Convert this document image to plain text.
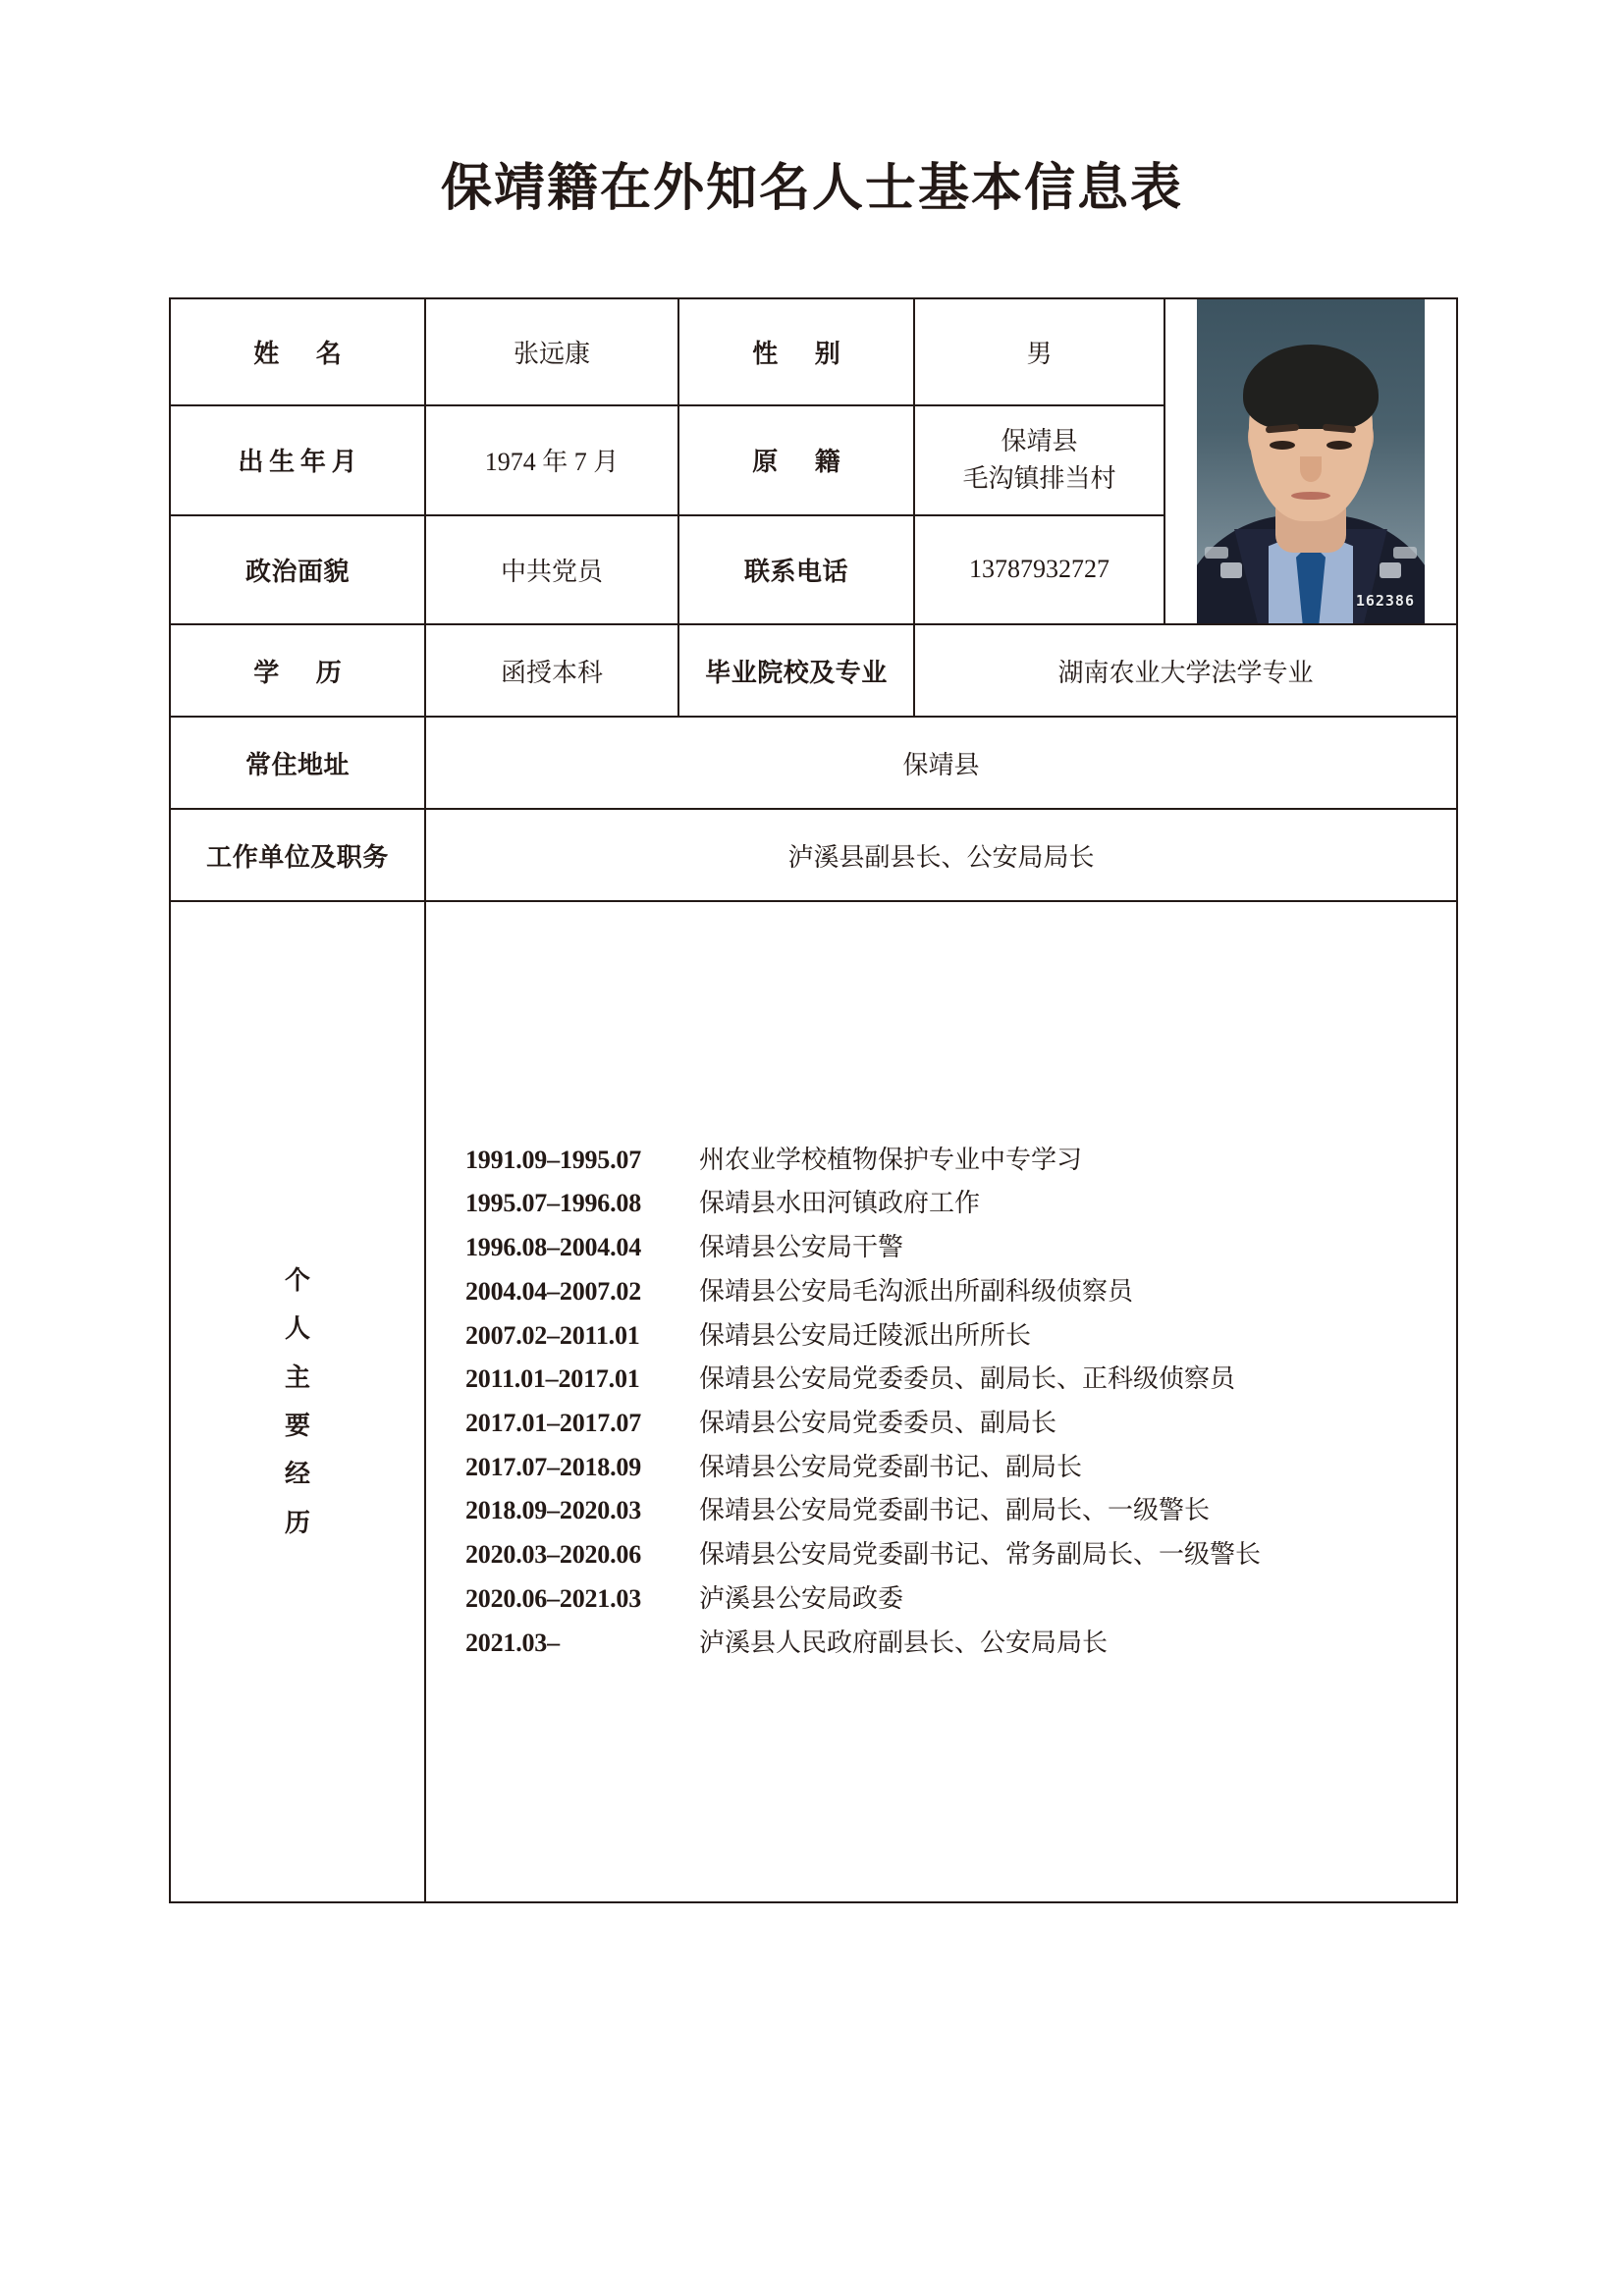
保靖籍在外知名人士基本信息表
姓　名	张远康	性　别	男	162386

出生年月	1974 年 7 月	原　籍	保靖县
毛沟镇排当村	

政治面貌	中共党员	联系电话	13787932727	
学　历	函授本科	毕业院校及专业	湖南农业大学法学专业	
常住地址	保靖县			
工作单位及职务	泸溪县副县长、公安局局长			

个
人
主
要
经
历

1991.09–1995.07	州农业学校植物保护专业中专学习
1995.07–1996.08	保靖县水田河镇政府工作
1996.08–2004.04	保靖县公安局干警
2004.04–2007.02	保靖县公安局毛沟派出所副科级侦察员
2007.02–2011.01	保靖县公安局迁陵派出所所长
2011.01–2017.01	保靖县公安局党委委员、副局长、正科级侦察员
2017.01–2017.07	保靖县公安局党委委员、副局长
2017.07–2018.09	保靖县公安局党委副书记、副局长
2018.09–2020.03	保靖县公安局党委副书记、副局长、一级警长
2020.03–2020.06	保靖县公安局党委副书记、常务副局长、一级警长
2020.06–2021.03	泸溪县公安局政委
2021.03–	泸溪县人民政府副县长、公安局局长
